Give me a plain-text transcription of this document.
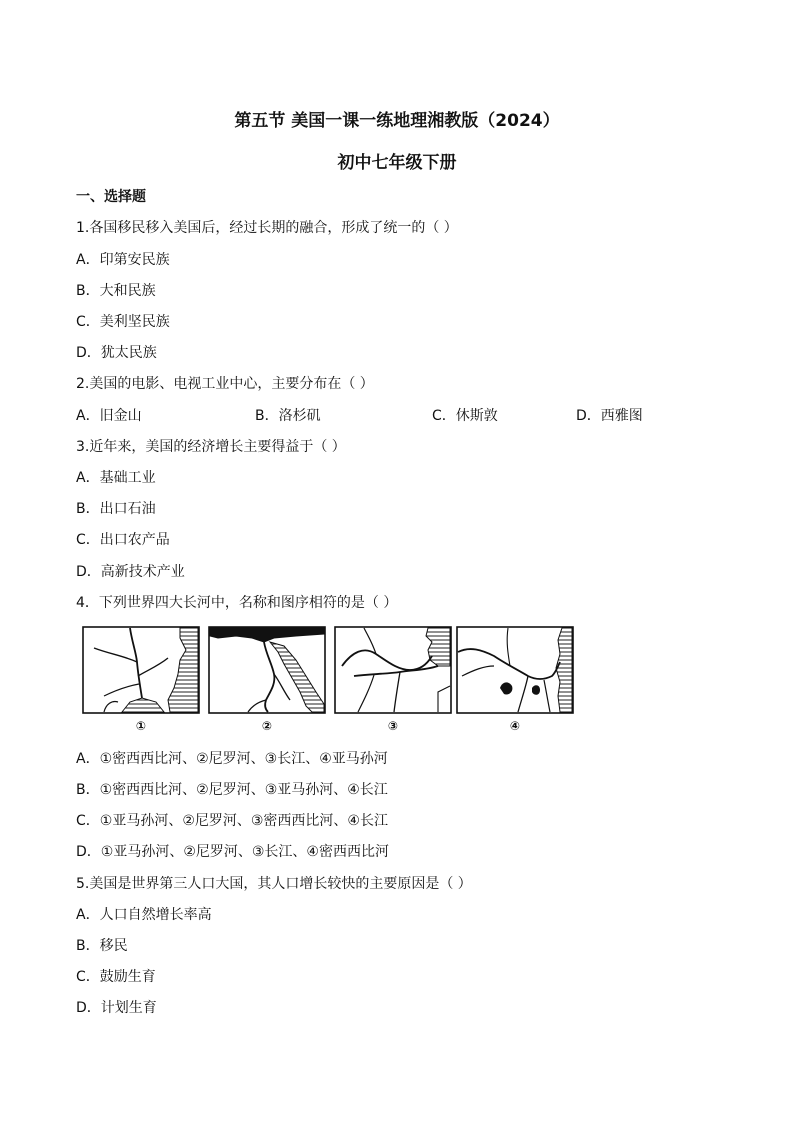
第五节 美国一课一练地理湘教版（2024）
初中七年级下册
一、选择题
1.各国移民移入美国后，经过长期的融合，形成了统一的（ ）
A．印第安民族
B．大和民族
C．美利坚民族
D．犹太民族
2.美国的电影、电视工业中心，主要分布在（ ）
A．旧金山	B．洛杉矶	C．休斯敦	D．西雅图
3.近年来，美国的经济增长主要得益于（ ）
A．基础工业
B．出口石油
C．出口农产品
D．高新技术产业
4．下列世界四大长河中，名称和图序相符的是（ ）
①	②	③	④
A．①密西西比河、②尼罗河、③长江、④亚马孙河
B．①密西西比河、②尼罗河、③亚马孙河、④长江
C．①亚马孙河、②尼罗河、③密西西比河、④长江
D．①亚马孙河、②尼罗河、③长江、④密西西比河
5.美国是世界第三人口大国，其人口增长较快的主要原因是（ ）
A．人口自然增长率高
B．移民
C．鼓励生育
D．计划生育
